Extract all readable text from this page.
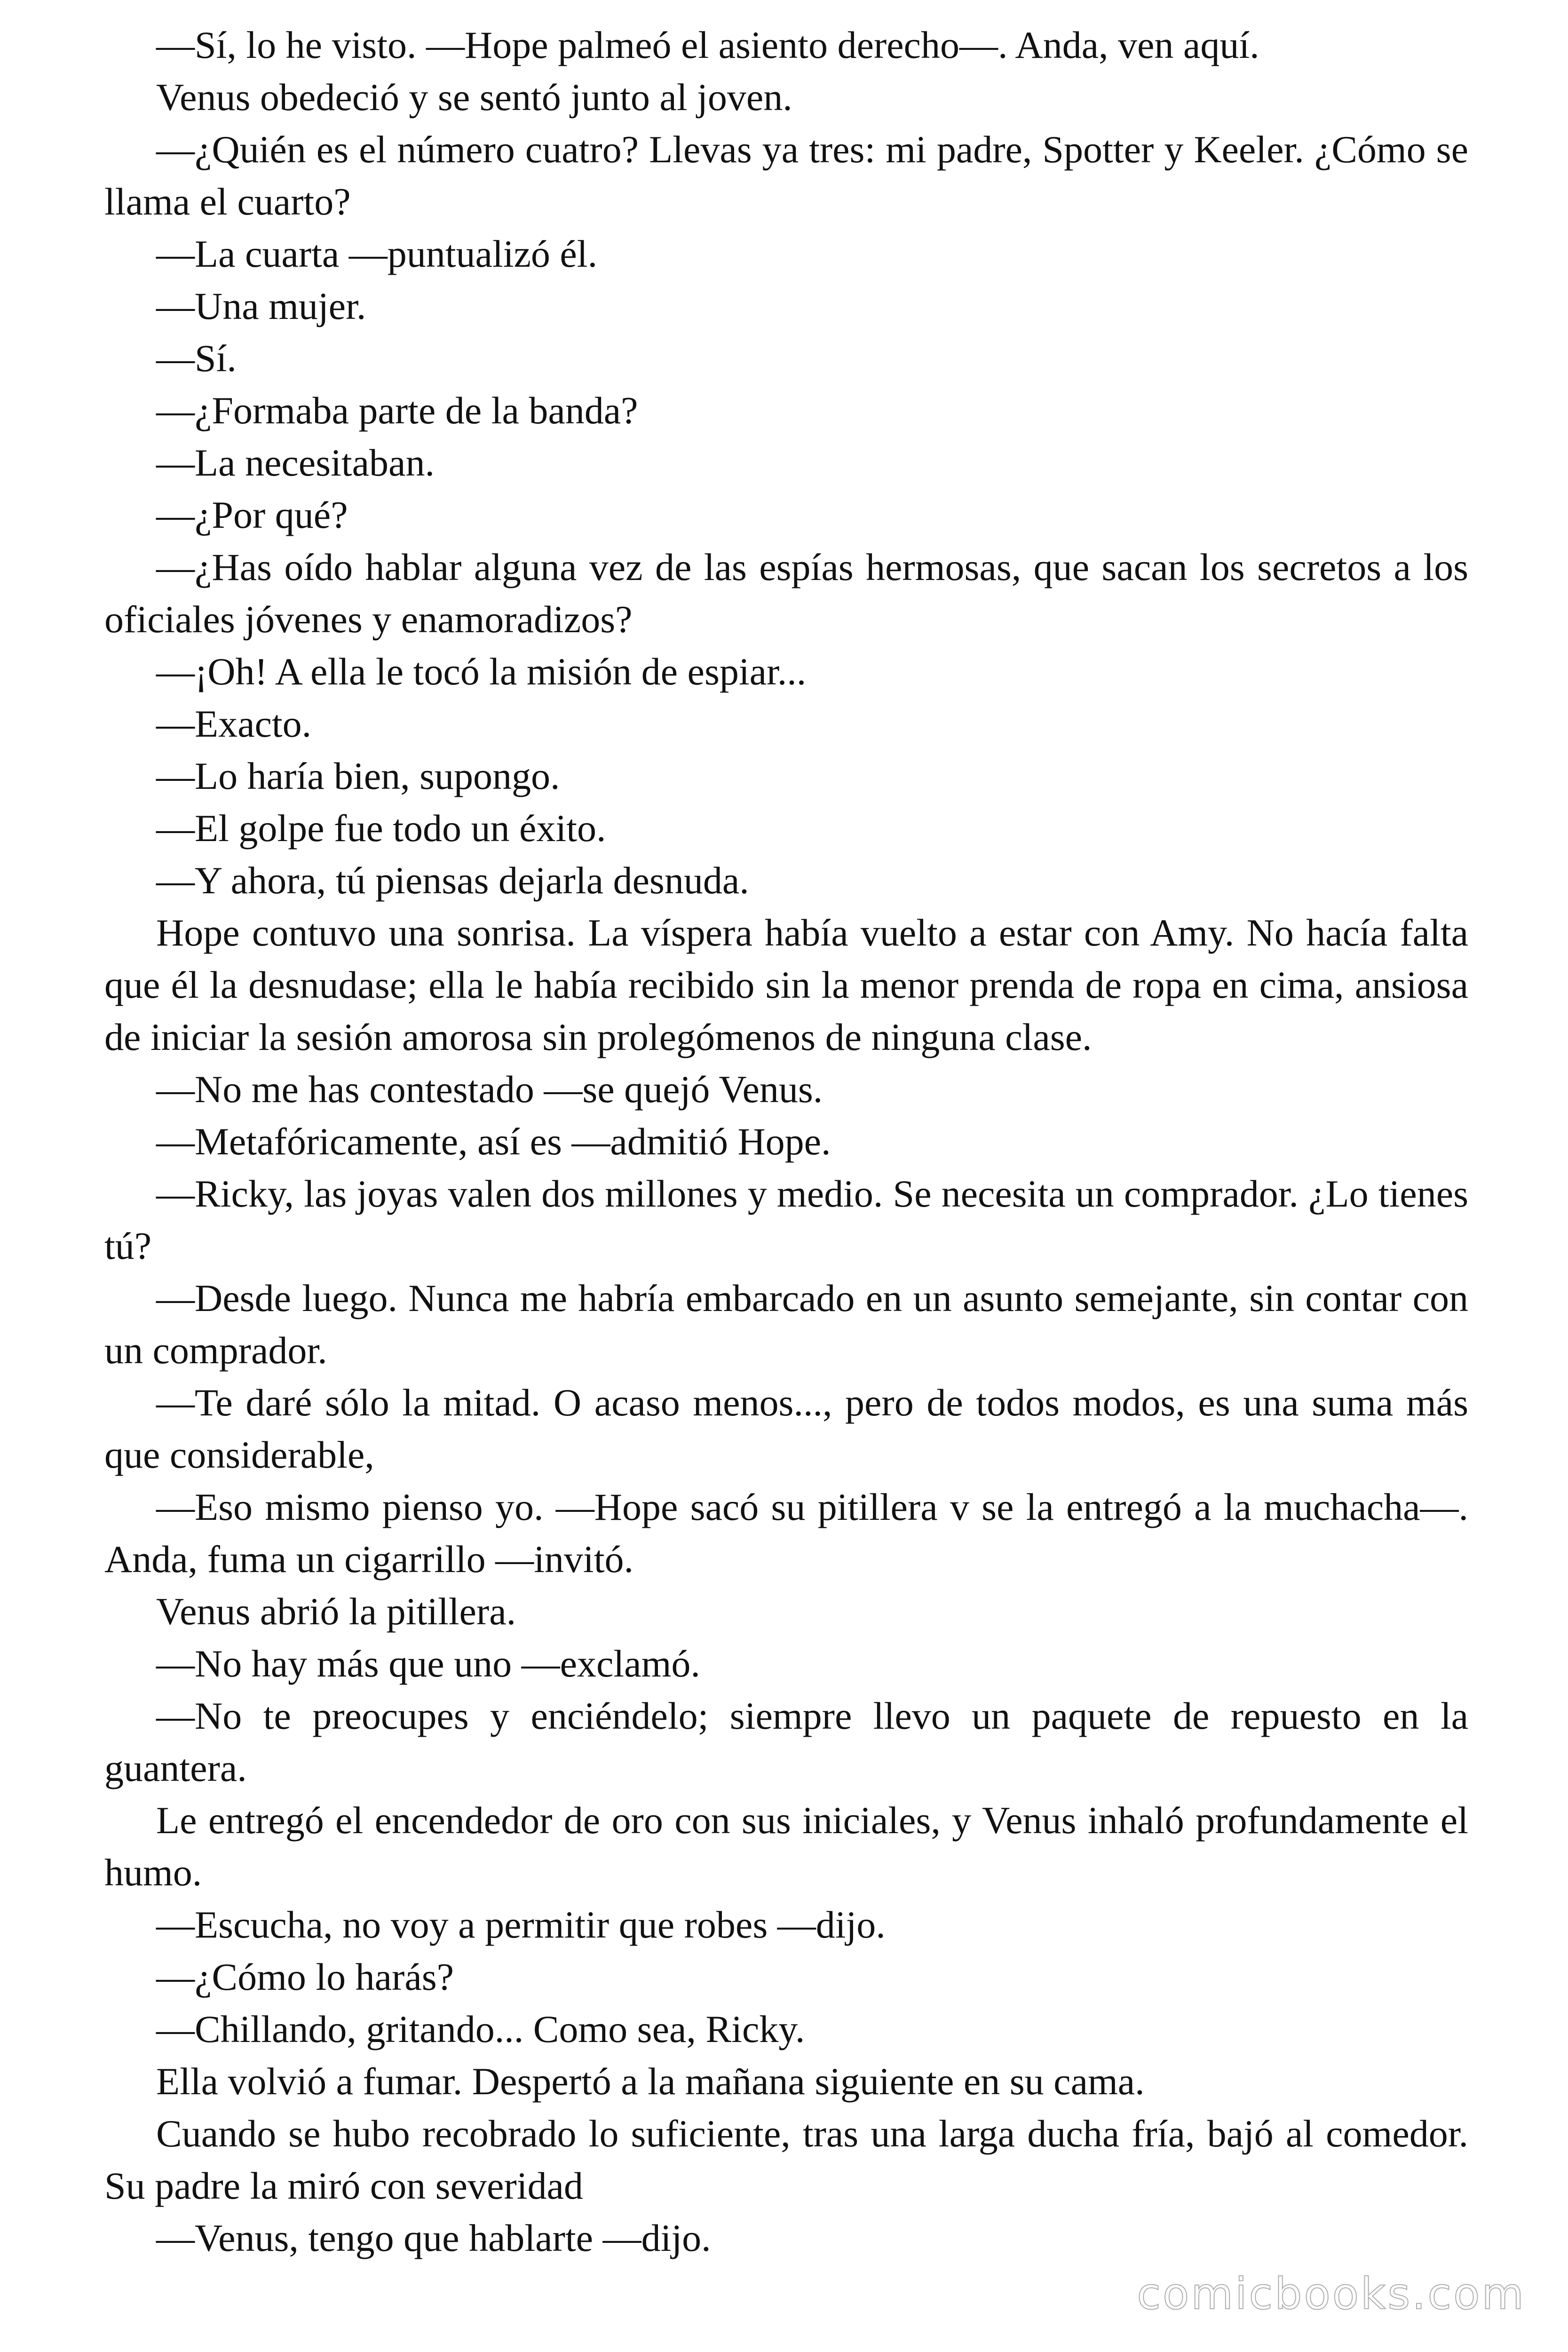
—Sí, lo he visto. —Hope palmeó el asiento derecho—. Anda, ven aquí.

Venus obedeció y se sentó junto al joven.

—¿Quién es el número cuatro? Llevas ya tres: mi padre, Spotter y Keeler. ¿Cómo se llama el cuarto?

—La cuarta —puntualizó él.

—Una mujer.

—Sí.

—¿Formaba parte de la banda?

—La necesitaban.

—¿Por qué?

—¿Has oído hablar alguna vez de las espías hermosas, que sacan los secretos a los oficiales jóvenes y enamoradizos?

—¡Oh! A ella le tocó la misión de espiar...

—Exacto.

—Lo haría bien, supongo.

—El golpe fue todo un éxito.

—Y ahora, tú piensas dejarla desnuda.

Hope contuvo una sonrisa. La víspera había vuelto a estar con Amy. No hacía falta que él la desnudase; ella le había recibido sin la menor prenda de ropa en cima, ansiosa de iniciar la sesión amorosa sin prolegómenos de ninguna clase.

—No me has contestado —se quejó Venus.

—Metafóricamente, así es —admitió Hope.

—Ricky, las joyas valen dos millones y medio. Se necesita un comprador. ¿Lo tienes tú?

—Desde luego. Nunca me habría embarcado en un asunto semejante, sin contar con un comprador.

—Te daré sólo la mitad. O acaso menos..., pero de todos modos, es una suma más que considerable,

—Eso mismo pienso yo. —Hope sacó su pitillera v se la entregó a la muchacha—. Anda, fuma un cigarrillo —invitó.

Venus abrió la pitillera.

—No hay más que uno —exclamó.

—No te preocupes y enciéndelo; siempre llevo un paquete de repuesto en la guantera.

Le entregó el encendedor de oro con sus iniciales, y Venus inhaló profundamente el humo.

—Escucha, no voy a permitir que robes —dijo.

—¿Cómo lo harás?

—Chillando, gritando... Como sea, Ricky.

Ella volvió a fumar. Despertó a la mañana siguiente en su cama.

Cuando se hubo recobrado lo suficiente, tras una larga ducha fría, bajó al comedor. Su padre la miró con severidad

—Venus, tengo que hablarte —dijo.

comicbooks.com
